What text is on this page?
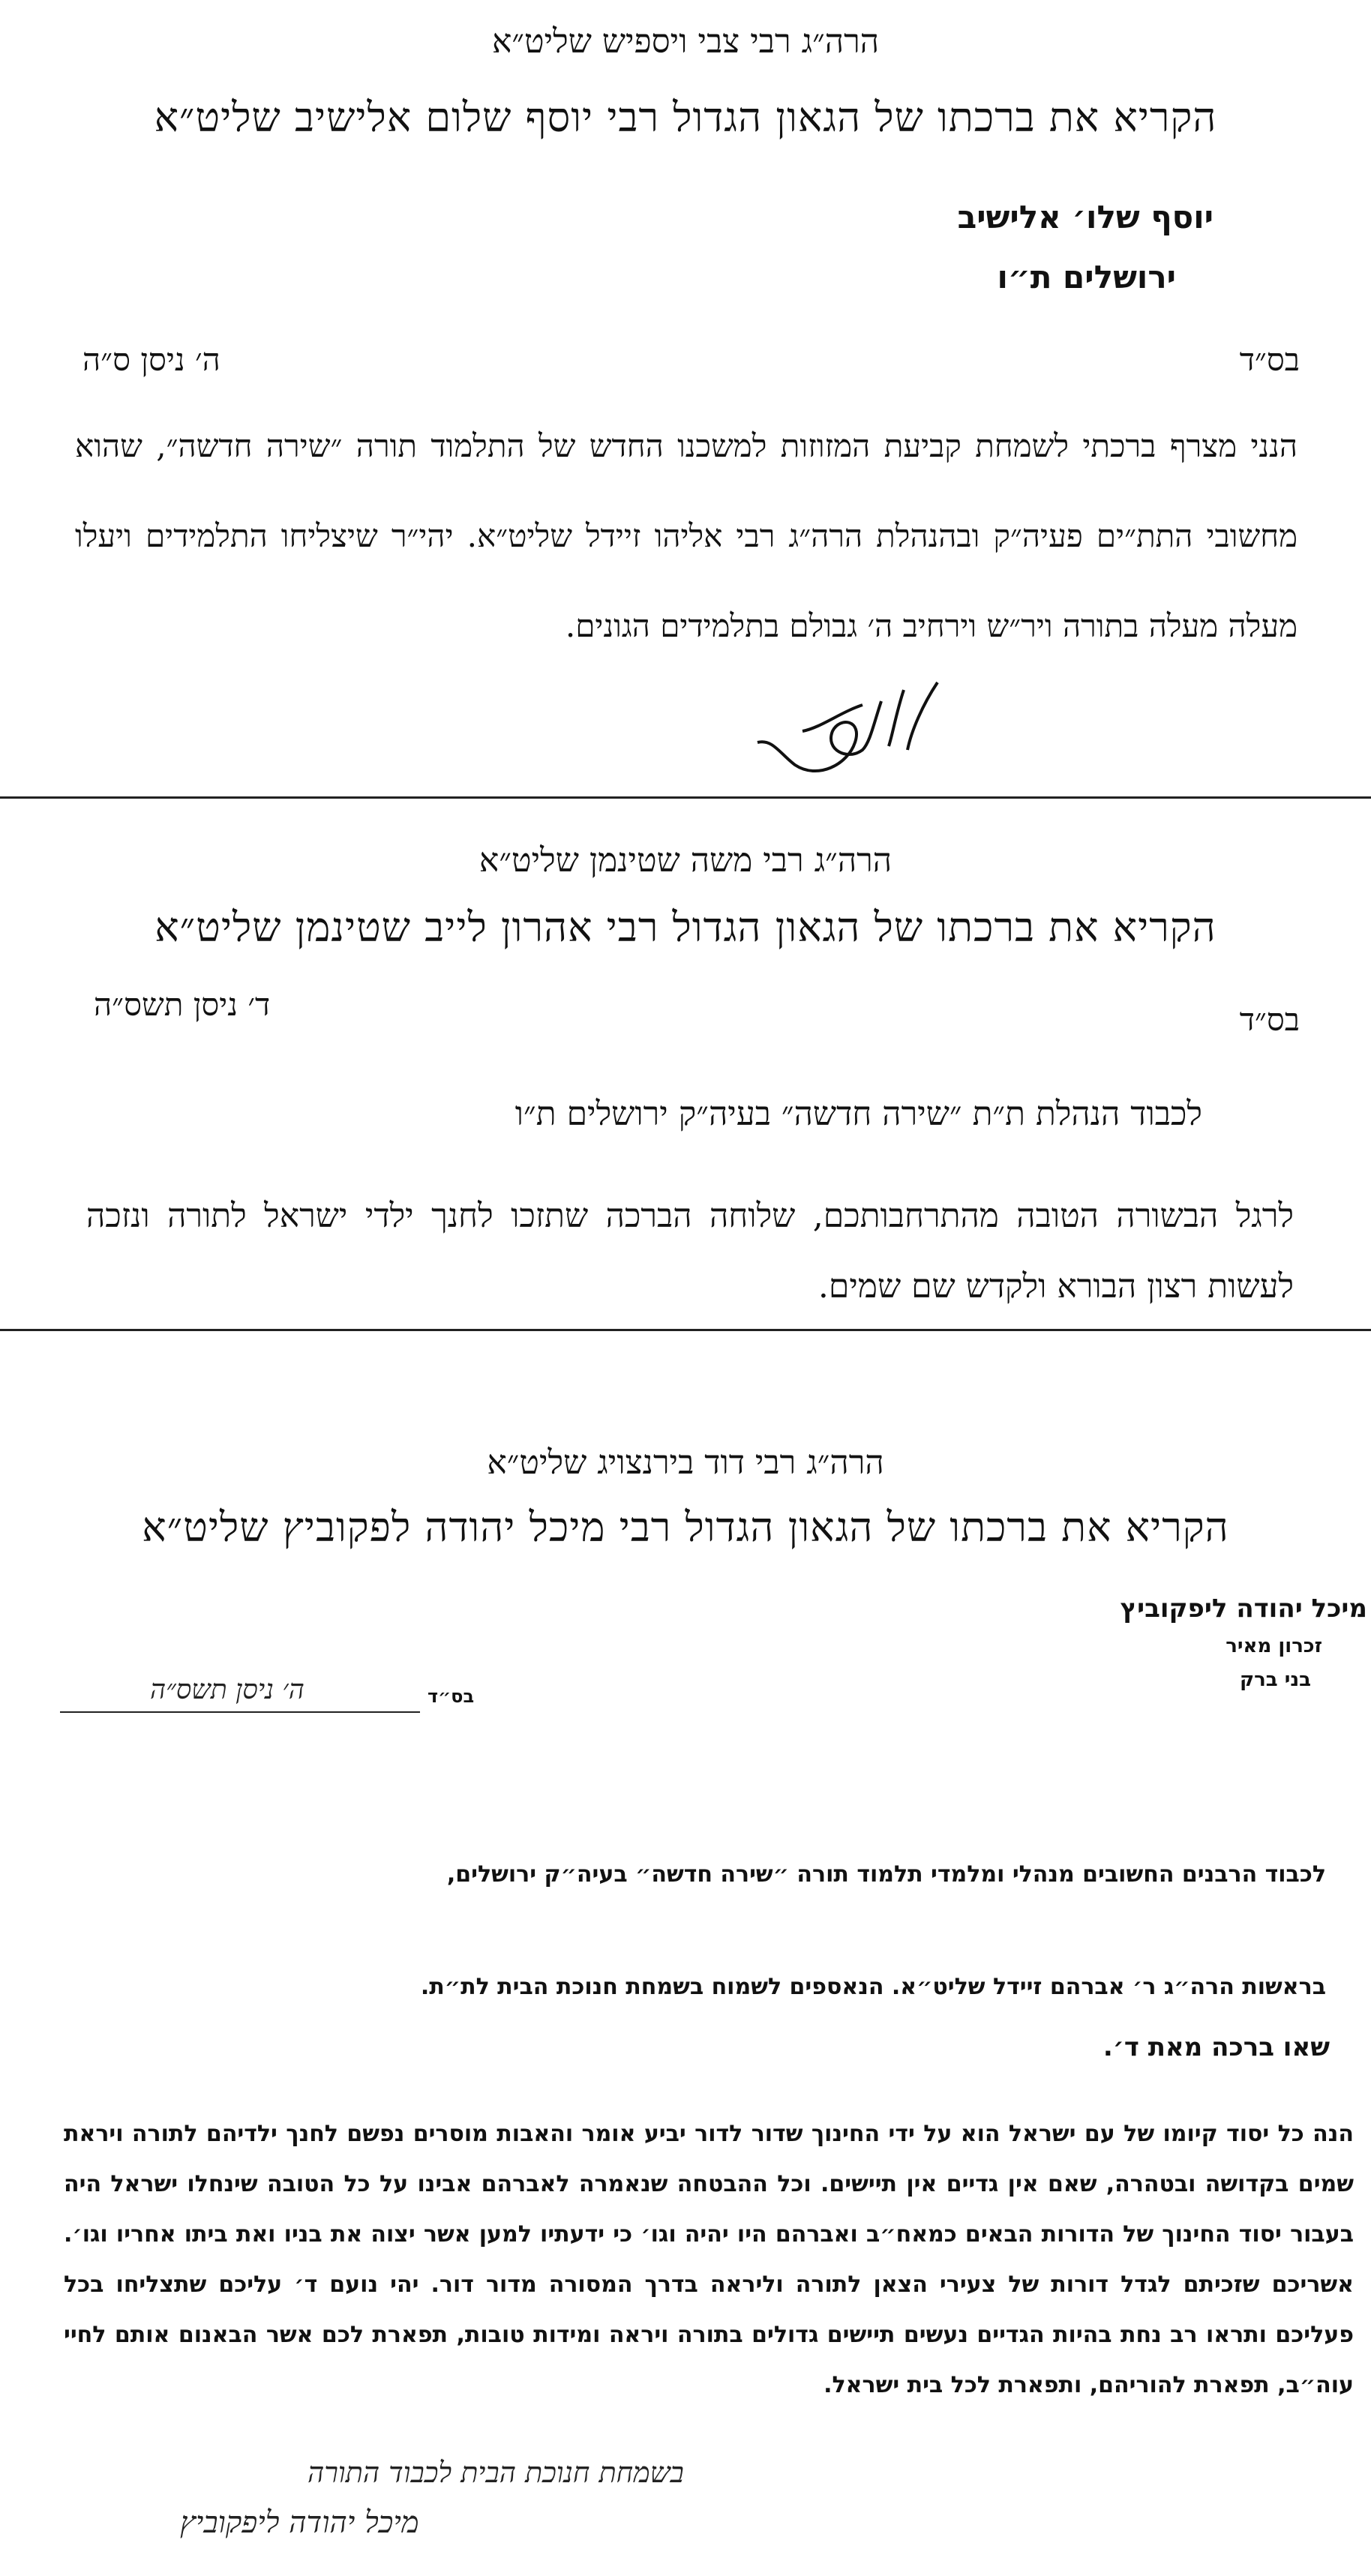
הרה״ג רבי צבי ויספיש שליט״א
הקריא את ברכתו של הגאון הגדול רבי יוסף שלום אלישיב שליט״א
יוסף שלו׳ אלישיב
ירושלים ת״ו
בס״ד
ה׳ ניסן ס״ה
הנני מצרף ברכתי לשמחת קביעת המזוזות למשכנו החדש של התלמוד תורה ״שירה חדשה״, שהוא מחשובי התת״ים פעיה״ק ובהנהלת הרה״ג רבי אליהו זיידל שליט״א. יהי״ר שיצליחו התלמידים ויעלו מעלה מעלה בתורה ויר״ש וירחיב ה׳ גבולם בתלמידים הגונים.
הרה״ג רבי משה שטינמן שליט״א
הקריא את ברכתו של הגאון הגדול רבי אהרון לייב שטינמן שליט״א
בס״ד
ד׳ ניסן תשס״ה
לכבוד הנהלת ת״ת ״שירה חדשה״ בעיה״ק ירושלים ת״ו
לרגל הבשורה הטובה מהתרחבותכם, שלוחה הברכה שתזכו לחנך ילדי ישראל לתורה ונזכה לעשות רצון הבורא ולקדש שם שמים.
הרה״ג רבי דוד בירנצויג שליט״א
הקריא את ברכתו של הגאון הגדול רבי מיכל יהודה לפקוביץ שליט״א
מיכל יהודה ליפקוביץ
זכרון מאיר
בני ברק
בס״ד
ה׳ ניסן תשס״ה
לכבוד הרבנים החשובים מנהלי ומלמדי תלמוד תורה ״שירה חדשה״ בעיה״ק ירושלים,
בראשות הרה״ג ר׳ אברהם זיידל שליט״א. הנאספים לשמוח בשמחת חנוכת הבית לת״ת.
שאו ברכה מאת ד׳.
הנה כל יסוד קיומו של עם ישראל הוא על ידי החינוך שדור לדור יביע אומר והאבות מוסרים נפשם לחנך ילדיהם לתורה ויראת שמים בקדושה ובטהרה, שאם אין גדיים אין תיישים. וכל ההבטחה שנאמרה לאברהם אבינו על כל הטובה שינחלו ישראל היה בעבור יסוד החינוך של הדורות הבאים כמאח״ב ואברהם היו יהיה וגו׳ כי ידעתיו למען אשר יצוה את בניו ואת ביתו אחריו וגו׳. אשריכם שזכיתם לגדל דורות של צעירי הצאן לתורה וליראה בדרך המסורה מדור דור. יהי נועם ד׳ עליכם שתצליחו בכל פעליכם ותראו רב נחת בהיות הגדיים נעשים תיישים גדולים בתורה ויראה ומידות טובות, תפארת לכם אשר הבאנום אותם לחיי עוה״ב, תפארת להוריהם, ותפארת לכל בית ישראל.
בשמחת חנוכת הבית לכבוד התורה
מיכל יהודה ליפקוביץ
